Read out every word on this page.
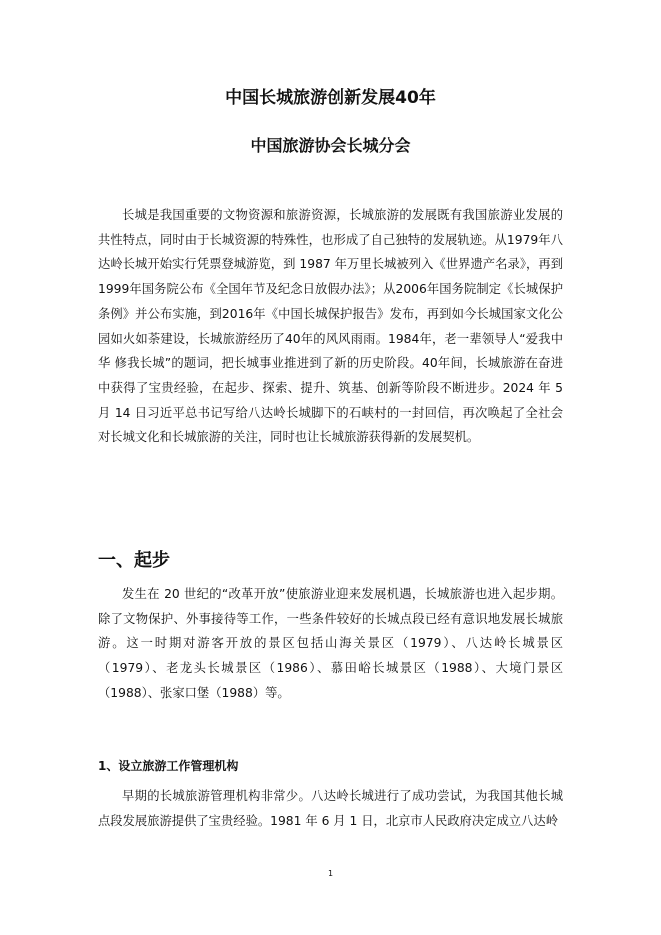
中国长城旅游创新发展40年
中国旅游协会长城分会

长城是我国重要的文物资源和旅游资源，长城旅游的发展既有我国旅游业发展的共性特点，同时由于长城资源的特殊性，也形成了自己独特的发展轨迹。从1979年八达岭长城开始实行凭票登城游览，到 1987 年万里长城被列入《世界遗产名录》，再到1999年国务院公布《全国年节及纪念日放假办法》；从2006年国务院制定《长城保护条例》并公布实施，到2016年《中国长城保护报告》发布，再到如今长城国家文化公园如火如荼建设，长城旅游经历了40年的风风雨雨。1984年，老一辈领导人“爱我中华 修我长城”的题词，把长城事业推进到了新的历史阶段。40年间，长城旅游在奋进中获得了宝贵经验，在起步、探索、提升、筑基、创新等阶段不断进步。2024 年 5 月 14 日习近平总书记写给八达岭长城脚下的石峡村的一封回信，再次唤起了全社会对长城文化和长城旅游的关注，同时也让长城旅游获得新的发展契机。

一、起步

发生在 20 世纪的“改革开放”使旅游业迎来发展机遇，长城旅游也进入起步期。除了文物保护、外事接待等工作，一些条件较好的长城点段已经有意识地发展长城旅游。这一时期对游客开放的景区包括山海关景区（1979）、八达岭长城景区（1979）、老龙头长城景区（1986）、慕田峪长城景区（1988）、大境门景区（1988）、张家口堡（1988）等。

1、设立旅游工作管理机构

早期的长城旅游管理机构非常少。八达岭长城进行了成功尝试，为我国其他长城点段发展旅游提供了宝贵经验。1981 年 6 月 1 日，北京市人民政府决定成立八达岭

1
